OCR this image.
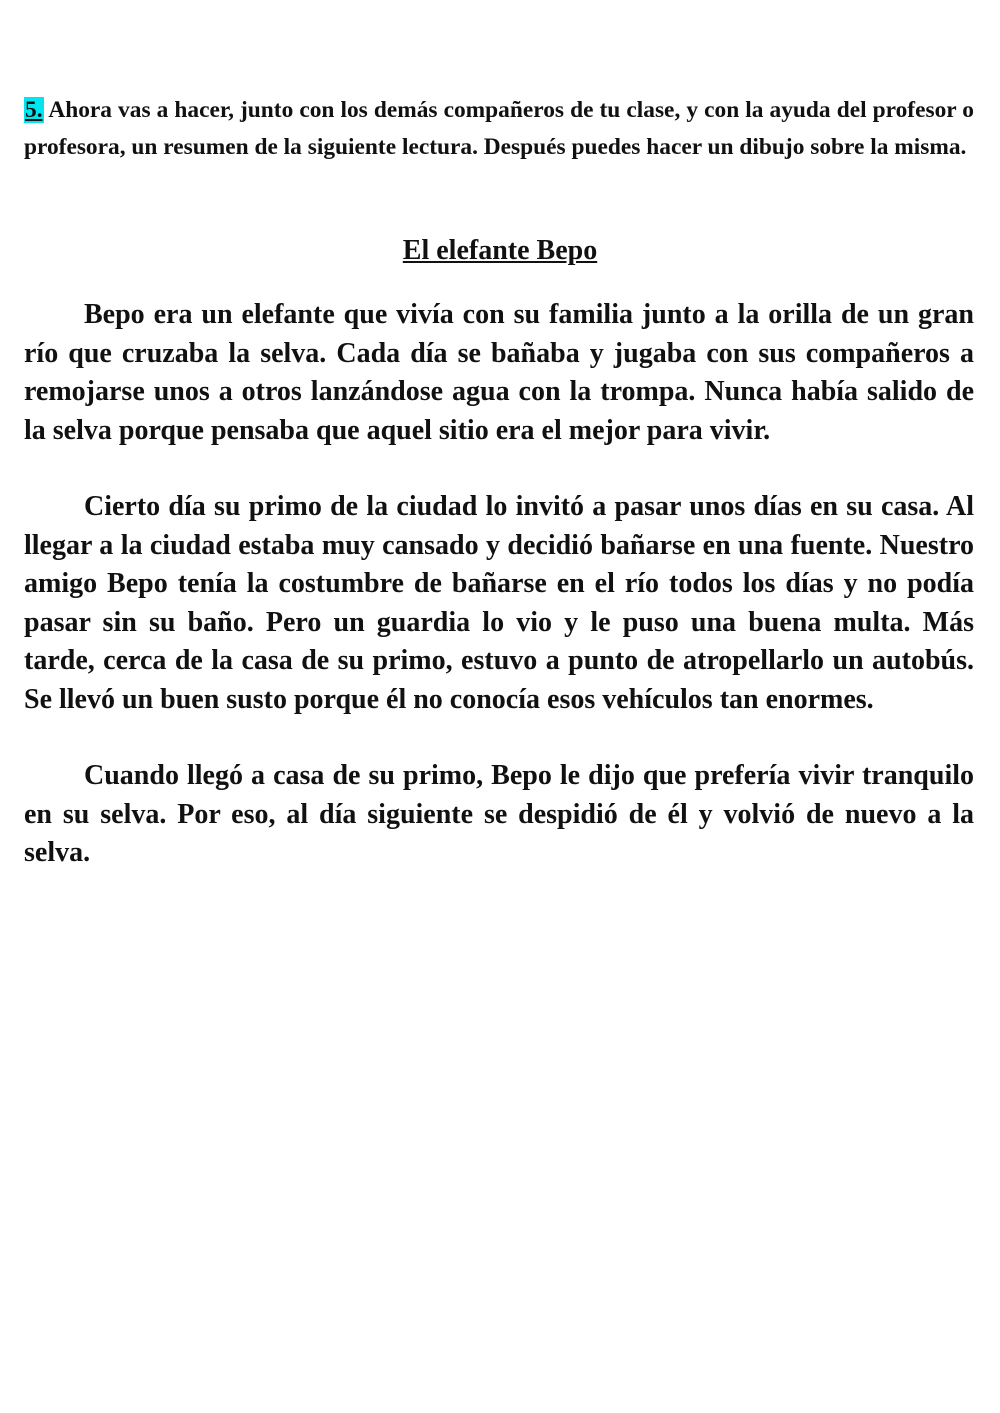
5. Ahora vas a hacer, junto con los demás compañeros de tu clase, y con la ayuda del profesor o profesora, un resumen de la siguiente lectura. Después puedes hacer un dibujo sobre la misma.

El elefante Bepo

Bepo era un elefante que vivía con su familia junto a la orilla de un gran río que cruzaba la selva. Cada día se bañaba y jugaba con sus compañeros a remojarse unos a otros lanzándose agua con la trompa. Nunca había salido de la selva porque pensaba que aquel sitio era el mejor para vivir.

Cierto día su primo de la ciudad lo invitó a pasar unos días en su casa. Al llegar a la ciudad estaba muy cansado y decidió bañarse en una fuente. Nuestro amigo Bepo tenía la costumbre de bañarse en el río todos los días y no podía pasar sin su baño. Pero un guardia lo vio y le puso una buena multa. Más tarde, cerca de la casa de su primo, estuvo a punto de atropellarlo un autobús. Se llevó un buen susto porque él no conocía esos vehículos tan enormes.

Cuando llegó a casa de su primo, Bepo le dijo que prefería vivir tranquilo en su selva. Por eso, al día siguiente se despidió de él y volvió de nuevo a la selva.
